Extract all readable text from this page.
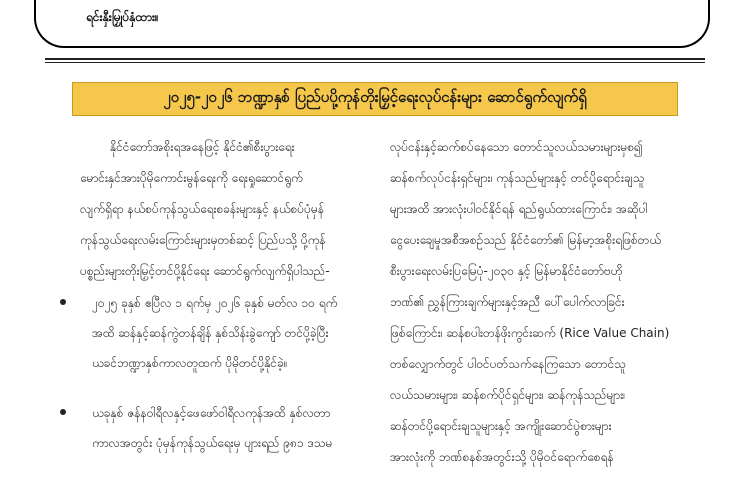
ရင်းနှီးမြှုပ်နှံထား။
၂၀၂၅-၂၀၂၆ ဘဏ္ဍာနှစ် ပြည်ပပို့ကုန်တိုးမြှင့်ရေးလုပ်ငန်းများ ဆောင်ရွက်လျက်ရှိ
နိုင်ငံတော်အစိုးရအနေဖြင့် နိုင်ငံ၏စီးပွားရေး
မောင်းနှင်အားပိုမိုကောင်းမွန်ရေးကို ရေးရှုဆောင်ရွက်
လျက်ရှိရာ နယ်စပ်ကုန်သွယ်ရေးစခန်းများနှင့် နယ်စပ်ပုံမှန်
ကုန်သွယ်ရေးလမ်းကြောင်းများမှတစ်ဆင့် ပြည်ပသို့ ပို့ကုန်
ပစ္စည်းများတိုးမြှင့်တင်ပို့နိုင်ရေး ဆောင်ရွက်လျက်ရှိပါသည်-
၂၀၂၅ ခုနှစ် ဧပြီလ ၁ ရက်မှ ၂၀၂၆ ခုနှစ် မတ်လ ၁၀ ရက်
အထိ ဆန်နှင့်ဆန်ကွဲတန်ချိန် နှစ်သိန်းခွဲကျော် တင်ပို့ခဲ့ပြီး
ယခင်ဘဏ္ဍာနှစ်ကာလတူထက် ပိုမိုတင်ပို့နိုင်ခဲ့။
ယခုနှစ် ဇန်နဝါရီလနှင့်ဖေဖော်ဝါရီလကုန်အထိ နှစ်လတာ
ကာလအတွင်း ပုံမှန်ကုန်သွယ်ရေးမှ ပျားရည် ၉၈၁ ဒသမ
လုပ်ငန်းနှင့်ဆက်စပ်နေသော တောင်သူလယ်သမားများမှစ၍
ဆန်စက်လုပ်ငန်းရှင်များ၊ ကုန်သည်များနှင့် တင်ပို့ရောင်းချသူ
များအထိ အားလုံးပါဝင်နိုင်ရန် ရည်ရွယ်ထားကြောင်း၊ အဆိုပါ
ငွေပေးချေမှုအစီအစဉ်သည် နိုင်ငံတော်၏ မြန်မာ့အစိုးရဖြစ်တယ်
စီးပွားရေးလမ်းပြမြေပုံ-၂၀၃၀ နှင့် မြန်မာနိုင်ငံတော်ဗဟို
ဘဏ်၏ ညွှန်ကြားချက်များနှင့်အညီ ပေါ်ပေါက်လာခြင်း
ဖြစ်ကြောင်း၊ ဆန်စပါးတန်ဖိုးကွင်းဆက် (Rice Value Chain)
တစ်လျှောက်တွင် ပါဝင်ပတ်သက်နေကြသော တောင်သူ
လယ်သမားများ၊ ဆန်စက်ပိုင်ရှင်များ၊ ဆန်ကုန်သည်များ၊
ဆန်တင်ပို့ရောင်းချသူများနှင့် အကျိုးဆောင်ပွဲစားများ
အားလုံးကို ဘဏ်စနစ်အတွင်းသို့ ပိုမိုဝင်ရောက်စေရန်
